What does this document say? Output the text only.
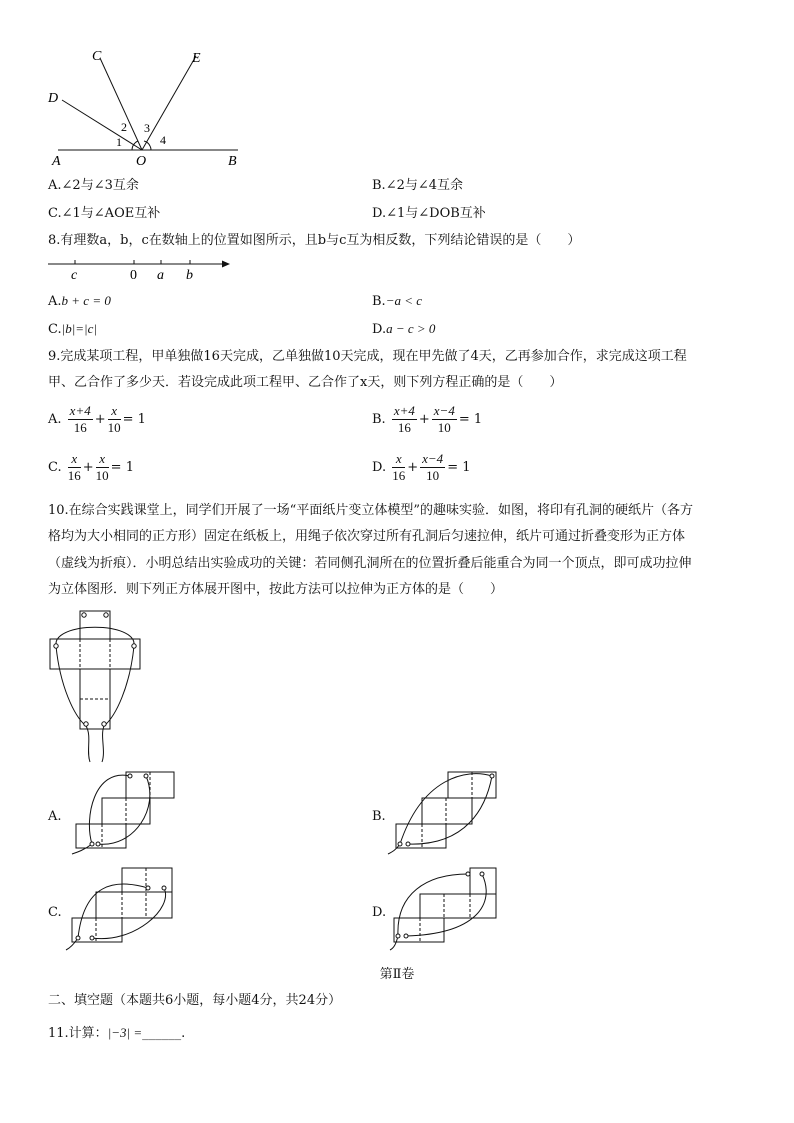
C	E
D
A	O	B
1
2 3
4
A.∠2与∠3互余	B.∠2与∠4互余
C.∠1与∠AOE互补	D.∠1与∠DOB互补
8.有理数a，b，c在数轴上的位置如图所示，且b与c互为相反数，下列结论错误的是（　　）
c	0 a b
A.b + c = 0	B.−a < c
C.|b|=|c|	D.a − c > 0
9.完成某项工程，甲单独做16天完成，乙单独做10天完成，现在甲先做了4天，乙再参加合作，求完成这项工程
甲、乙合作了多少天．若设完成此项工程甲、乙合作了x天，则下列方程正确的是（　　）
A. $\frac{x+4}{16} + \frac{x}{10} = 1$	B. $\frac{x+4}{16} + \frac{x-4}{10} = 1$
C. $\frac{x}{16} + \frac{x}{10} = 1$	D. $\frac{x}{16} + \frac{x-4}{10} = 1$
10.在综合实践课堂上，同学们开展了一场“平面纸片变立体模型”的趣味实验．如图，将印有孔洞的硬纸片（各方
格均为大小相同的正方形）固定在纸板上，用绳子依次穿过所有孔洞后匀速拉伸，纸片可通过折叠变形为正方体
（虚线为折痕）．小明总结出实验成功的关键：若同侧孔洞所在的位置折叠后能重合为同一个顶点，即可成功拉伸
为立体图形．则下列正方体展开图中，按此方法可以拉伸为正方体的是（　　）
A.	B.
C.	D.
第Ⅱ卷
二、填空题（本题共6小题，每小题4分，共24分）
11.计算：|−3| =______.
